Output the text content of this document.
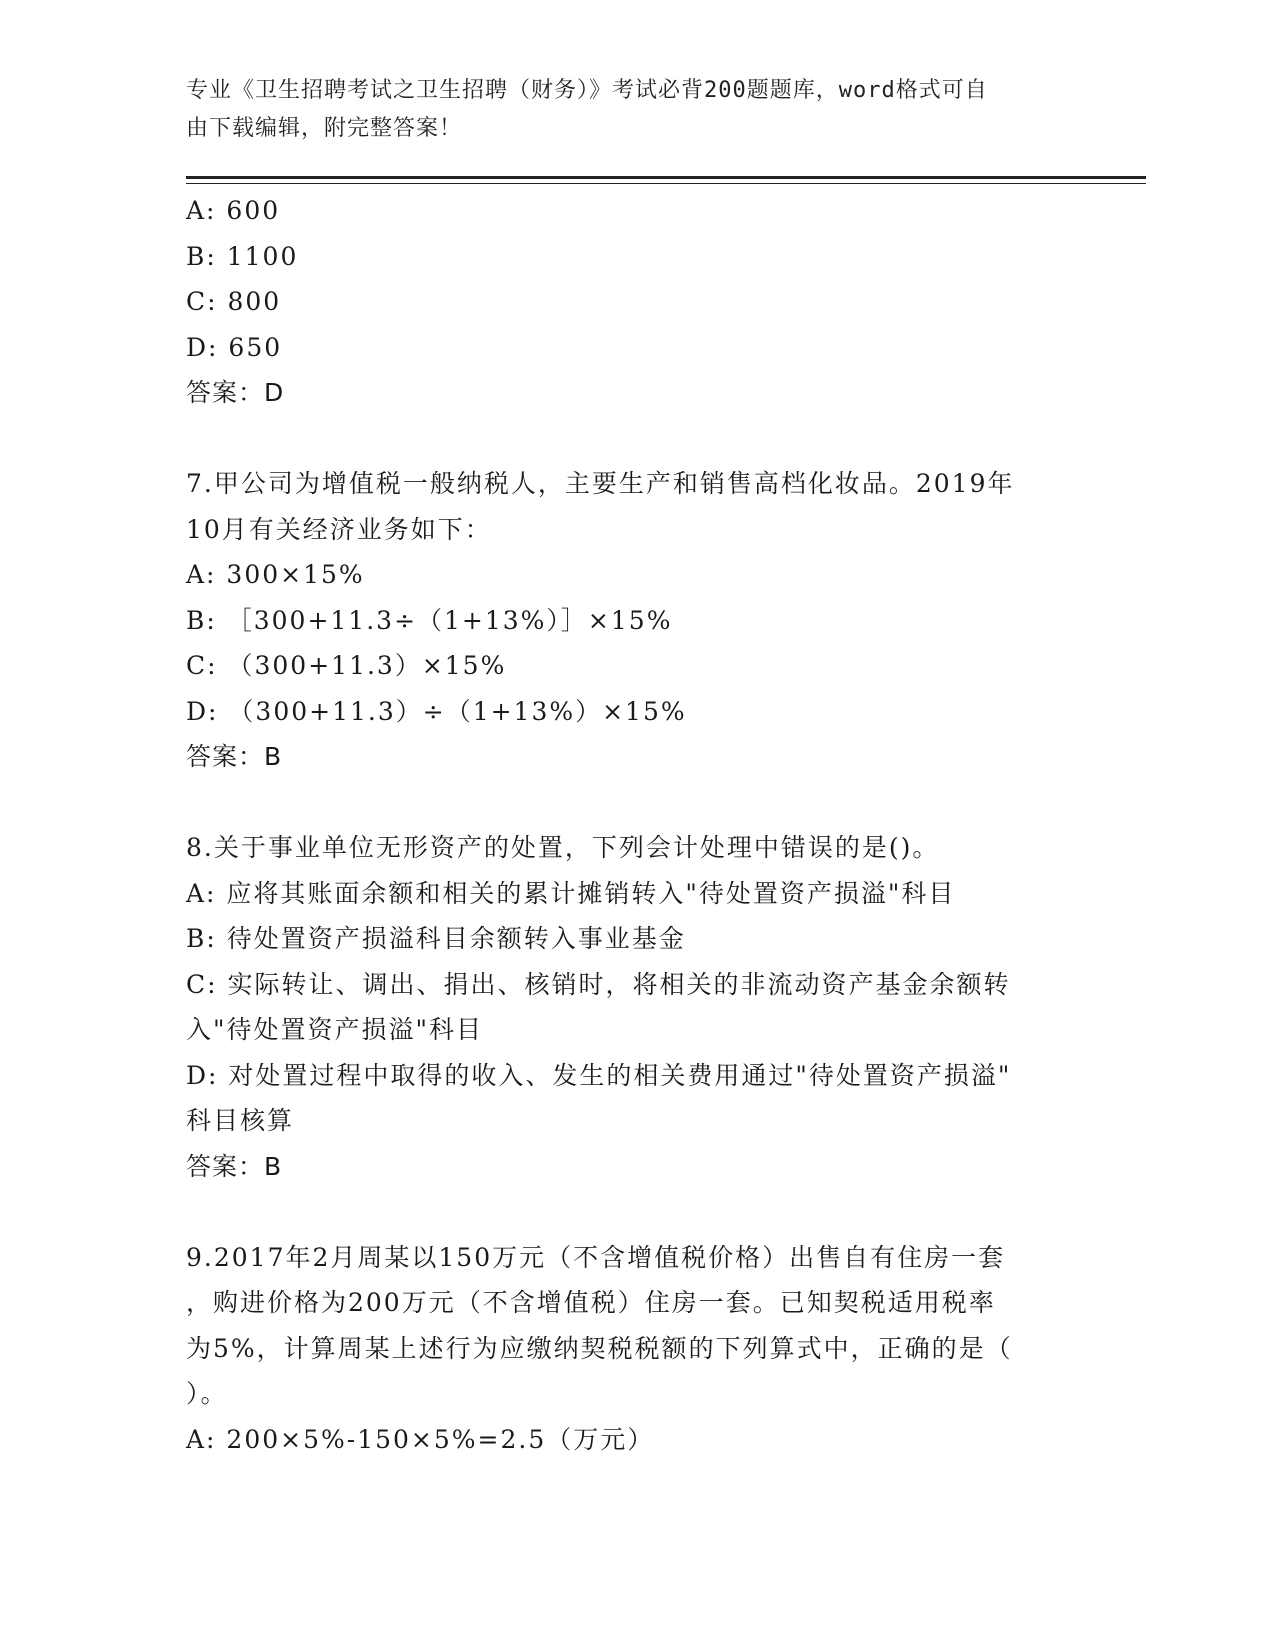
专业《卫生招聘考试之卫生招聘（财务）》考试必背200题题库，word格式可自
由下载编辑，附完整答案！
A: 600
B: 1100
C: 800
D: 650
答案：D
7.甲公司为增值税一般纳税人，主要生产和销售高档化妆品。2019年
10月有关经济业务如下：
A: 300×15%
B: ［300+11.3÷（1+13%）］×15%
C: （300+11.3）×15%
D: （300+11.3）÷（1+13%）×15%
答案：B
8.关于事业单位无形资产的处置，下列会计处理中错误的是()。
A: 应将其账面余额和相关的累计摊销转入"待处置资产损溢"科目
B: 待处置资产损溢科目余额转入事业基金
C: 实际转让、调出、捐出、核销时，将相关的非流动资产基金余额转
入"待处置资产损溢"科目
D: 对处置过程中取得的收入、发生的相关费用通过"待处置资产损溢"
科目核算
答案：B
9.2017年2月周某以150万元（不含增值税价格）出售自有住房一套
，购进价格为200万元（不含增值税）住房一套。已知契税适用税率
为5%，计算周某上述行为应缴纳契税税额的下列算式中，正确的是（
）。
A: 200×5%-150×5%=2.5（万元）
